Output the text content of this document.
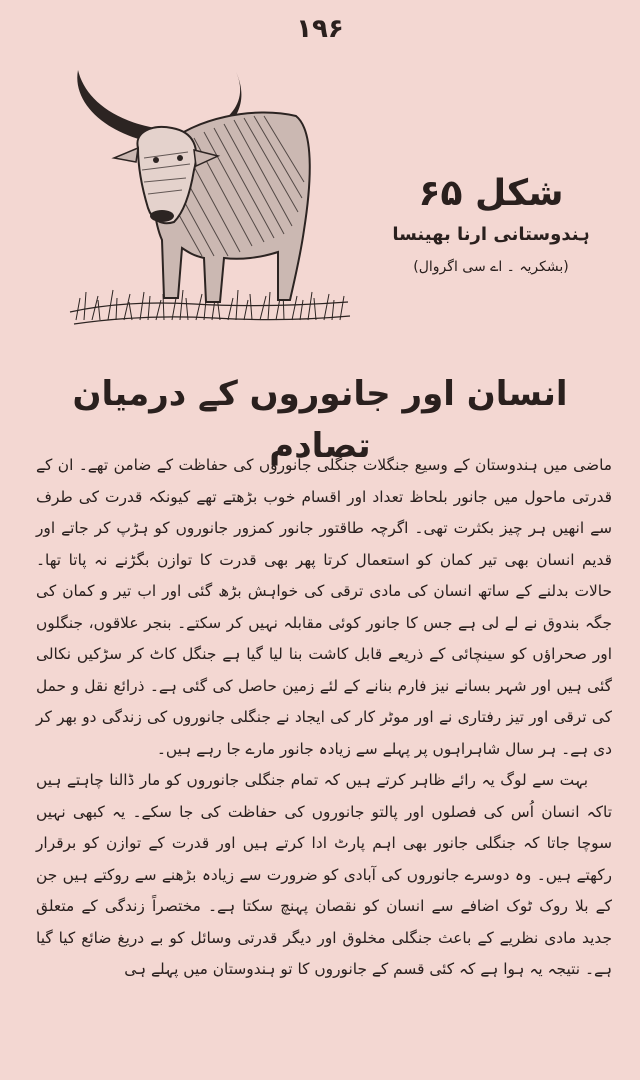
۱۹۶
شکل ۶۵
ہندوستانی ارنا بھینسا
(بشکریہ ۔ اے سی اگروال)
انسان اور جانوروں کے درمیان تصادم

ماضی میں ہندوستان کے وسیع جنگلات جنگلی جانوروں کی حفاظت کے ضامن تھے۔ ان کے قدرتی ماحول میں جانور بلحاظ تعداد اور اقسام خوب بڑھتے تھے کیونکہ قدرت کی طرف سے انھیں ہر چیز بکثرت تھی۔ اگرچہ طاقتور جانور کمزور جانوروں کو ہڑپ کر جاتے اور قدیم انسان بھی تیر کمان کو استعمال کرتا پھر بھی قدرت کا توازن بگڑنے نہ پاتا تھا۔ حالات بدلنے کے ساتھ انسان کی مادی ترقی کی خواہش بڑھ گئی اور اب تیر و کمان کی جگہ بندوق نے لے لی ہے جس کا جانور کوئی مقابلہ نہیں کر سکتے۔ بنجر علاقوں، جنگلوں اور صحراؤں کو سینچائی کے ذریعے قابل کاشت بنا لیا گیا ہے جنگل کاٹ کر سڑکیں نکالی گئی ہیں اور شہر بسانے نیز فارم بنانے کے لئے زمین حاصل کی گئی ہے۔ ذرائع نقل و حمل کی ترقی اور تیز رفتاری نے اور موٹر کار کی ایجاد نے جنگلی جانوروں کی زندگی دو بھر کر دی ہے۔ ہر سال شاہراہوں پر پہلے سے زیادہ جانور مارے جا رہے ہیں۔

بہت سے لوگ یہ رائے ظاہر کرتے ہیں کہ تمام جنگلی جانوروں کو مار ڈالنا چاہتے ہیں تاکہ انسان اُس کی فصلوں اور پالتو جانوروں کی حفاظت کی جا سکے۔ یہ کبھی نہیں سوچا جاتا کہ جنگلی جانور بھی اہم پارٹ ادا کرتے ہیں اور قدرت کے توازن کو برقرار رکھتے ہیں۔ وہ دوسرے جانوروں کی آبادی کو ضرورت سے زیادہ بڑھنے سے روکتے ہیں جن کے بلا روک ٹوک اضافے سے انسان کو نقصان پہنچ سکتا ہے۔ مختصراً زندگی کے متعلق جدید مادی نظریے کے باعث جنگلی مخلوق اور دیگر قدرتی وسائل کو بے دریغ ضائع کیا گیا ہے۔ نتیجہ یہ ہوا ہے کہ کئی قسم کے جانوروں کا تو ہندوستان میں پہلے ہی
